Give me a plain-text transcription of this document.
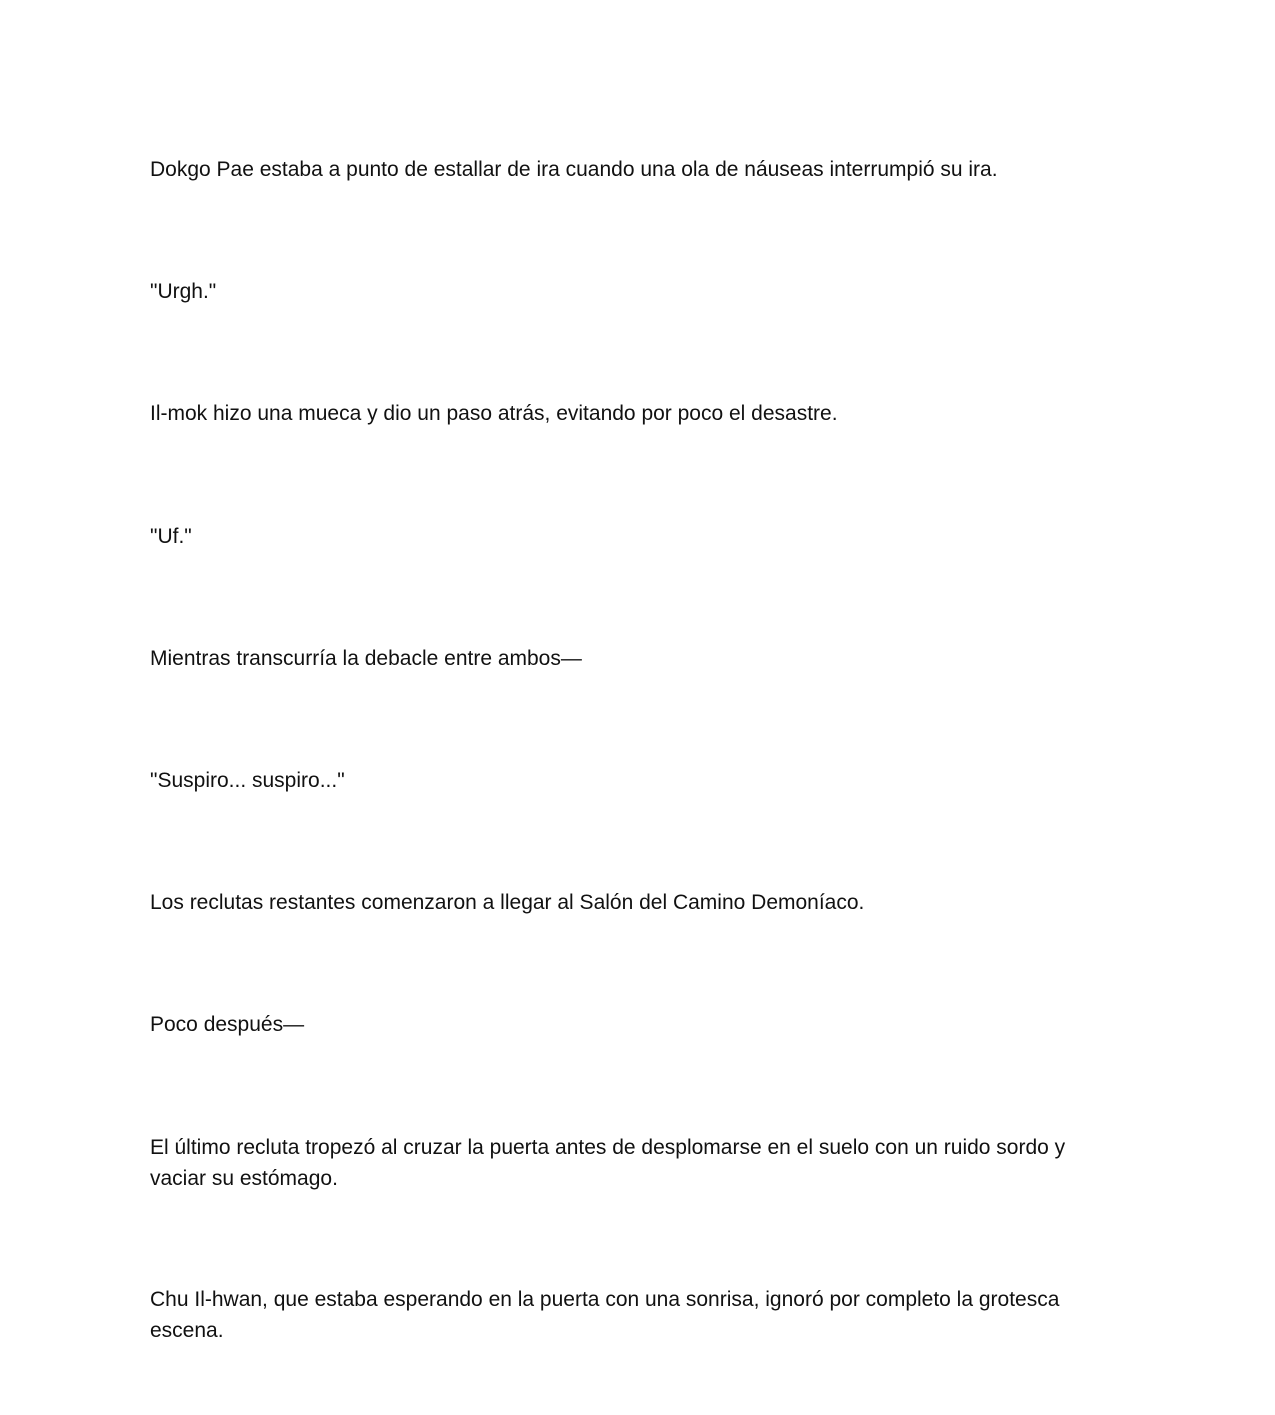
Dokgo Pae estaba a punto de estallar de ira cuando una ola de náuseas interrumpió su ira.

"Urgh."

Il-mok hizo una mueca y dio un paso atrás, evitando por poco el desastre.

"Uf."

Mientras transcurría la debacle entre ambos—

"Suspiro... suspiro..."

Los reclutas restantes comenzaron a llegar al Salón del Camino Demoníaco.

Poco después—

El último recluta tropezó al cruzar la puerta antes de desplomarse en el suelo con un ruido sordo y vaciar su estómago.

Chu Il-hwan, que estaba esperando en la puerta con una sonrisa, ignoró por completo la grotesca escena.
